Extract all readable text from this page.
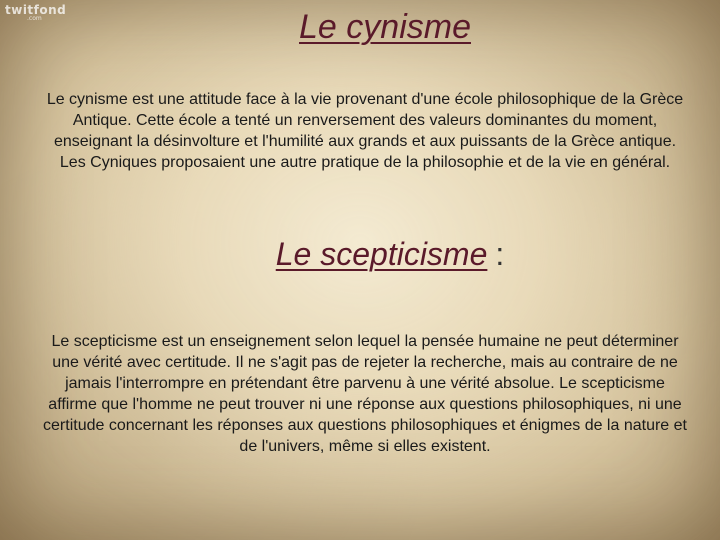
twitfond
.com	Le cynisme

Le cynisme est une attitude face à la vie provenant d'une école philosophique de la Grèce Antique. Cette école a tenté un renversement des valeurs dominantes du moment, enseignant la désinvolture et l'humilité aux grands et aux puissants de la Grèce antique. Les Cyniques proposaient une autre pratique de la philosophie et de la vie en général.

Le scepticisme :

Le scepticisme est un enseignement selon lequel la pensée humaine ne peut déterminer une vérité avec certitude. Il ne s'agit pas de rejeter la recherche, mais au contraire de ne jamais l'interrompre en prétendant être parvenu à une vérité absolue. Le scepticisme affirme que l'homme ne peut trouver ni une réponse aux questions philosophiques, ni une certitude concernant les réponses aux questions philosophiques et énigmes de la nature et de l'univers, même si elles existent.
